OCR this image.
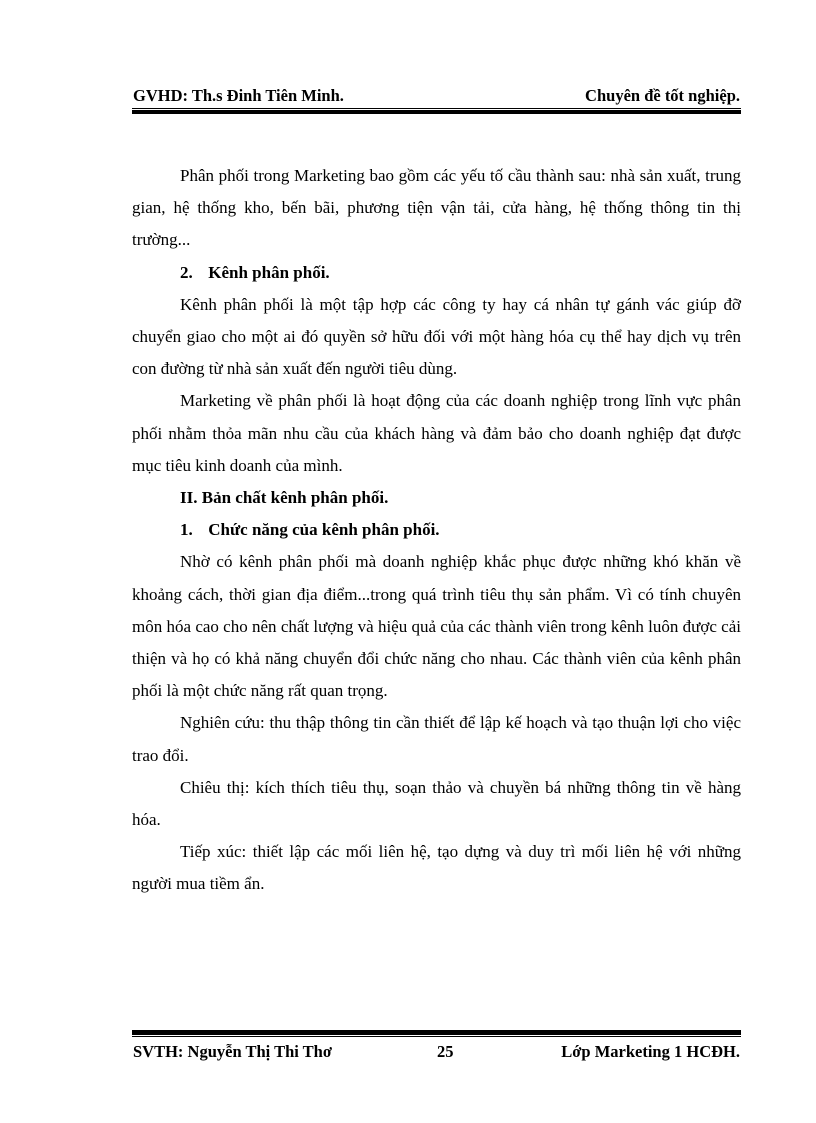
GVHD: Th.s Đinh Tiên Minh.	Chuyên đề tốt nghiệp.

Phân phối trong Marketing bao gồm các yếu tố cầu thành sau: nhà sản xuất, trung gian, hệ thống kho, bến bãi, phương tiện vận tải, cửa hàng, hệ thống thông tin thị trường...

2. Kênh phân phối.

Kênh phân phối là một tập hợp các công ty hay cá nhân tự gánh vác giúp đỡ chuyển giao cho một ai đó quyền sở hữu đối với một hàng hóa cụ thể hay dịch vụ trên con đường từ nhà sản xuất đến người tiêu dùng.

Marketing về phân phối là hoạt động của các doanh nghiệp trong lĩnh vực phân phối nhằm thỏa mãn nhu cầu của khách hàng và đảm bảo cho doanh nghiệp đạt được mục tiêu kinh doanh của mình.

II. Bản chất kênh phân phối.

1. Chức năng của kênh phân phối.

Nhờ có kênh phân phối mà doanh nghiệp khắc phục được những khó khăn về khoảng cách, thời gian địa điểm...trong quá trình tiêu thụ sản phẩm. Vì có tính chuyên môn hóa cao cho nên chất lượng và hiệu quả của các thành viên trong kênh luôn được cải thiện và họ có khả năng chuyển đổi chức năng cho nhau. Các thành viên của kênh phân phối là một chức năng rất quan trọng.

Nghiên cứu: thu thập thông tin cần thiết để lập kế hoạch và tạo thuận lợi cho việc trao đổi.

Chiêu thị: kích thích tiêu thụ, soạn thảo và chuyền bá những thông tin về hàng hóa.

Tiếp xúc: thiết lập các mối liên hệ, tạo dựng và duy trì mối liên hệ với những người mua tiềm ẩn.

SVTH: Nguyễn Thị Thi Thơ	25	Lớp Marketing 1 HCĐH.
